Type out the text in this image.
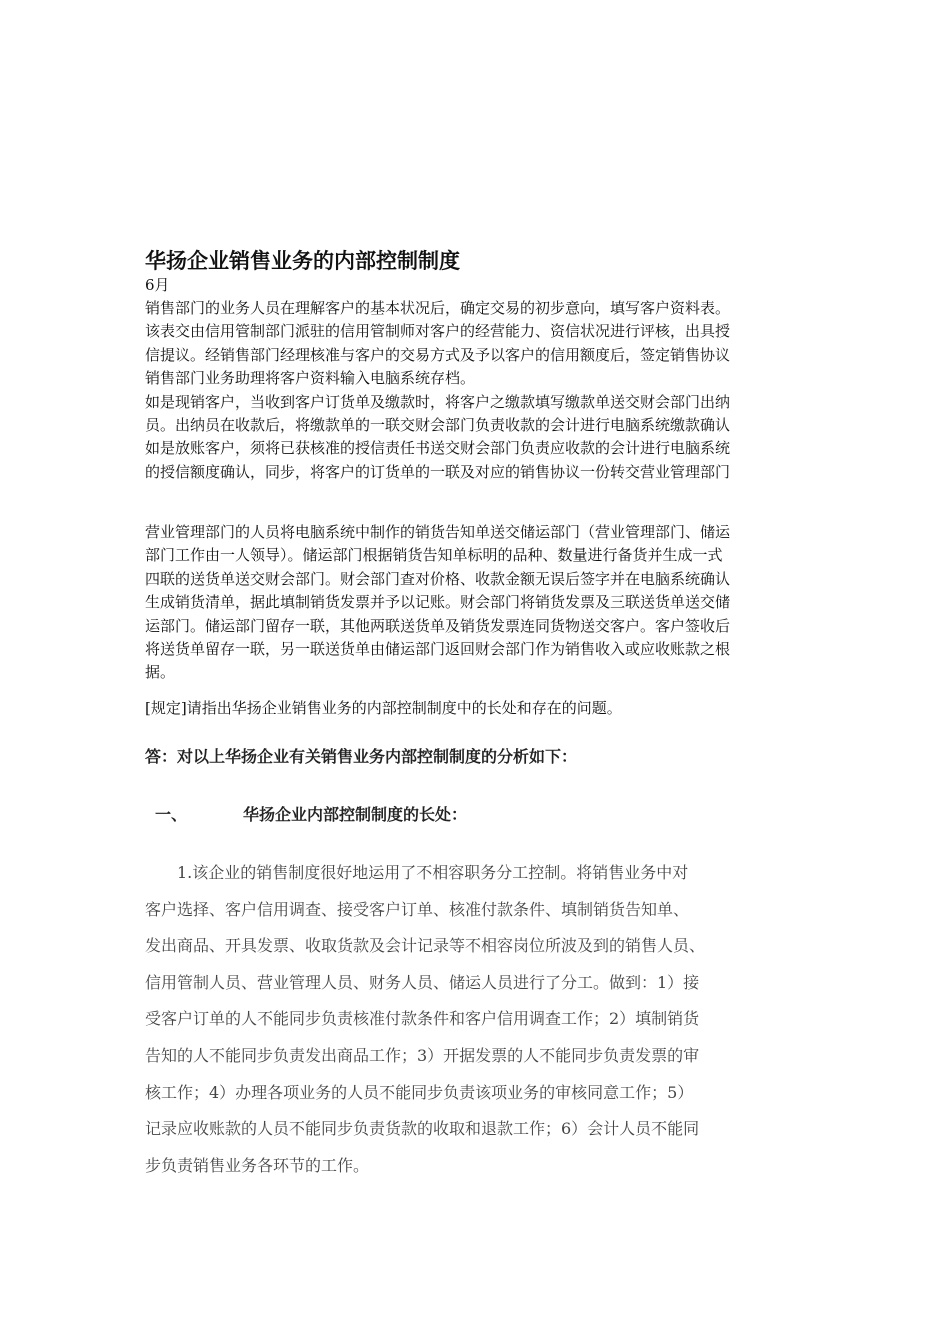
华扬企业销售业务的内部控制制度
6月
销售部门的业务人员在理解客户的基本状况后，确定交易的初步意向，填写客户资料表。
该表交由信用管制部门派驻的信用管制师对客户的经营能力、资信状况进行评核，出具授
信提议。经销售部门经理核准与客户的交易方式及予以客户的信用额度后，签定销售协议
销售部门业务助理将客户资料输入电脑系统存档。
如是现销客户，当收到客户订货单及缴款时，将客户之缴款填写缴款单送交财会部门出纳
员。出纳员在收款后，将缴款单的一联交财会部门负责收款的会计进行电脑系统缴款确认
如是放账客户，须将已获核准的授信责任书送交财会部门负责应收款的会计进行电脑系统
的授信额度确认，同步，将客户的订货单的一联及对应的销售协议一份转交营业管理部门
营业管理部门的人员将电脑系统中制作的销货告知单送交储运部门（营业管理部门、储运
部门工作由一人领导）。储运部门根据销货告知单标明的品种、数量进行备货并生成一式
四联的送货单送交财会部门。财会部门查对价格、收款金额无误后签字并在电脑系统确认
生成销货清单，据此填制销货发票并予以记账。财会部门将销货发票及三联送货单送交储
运部门。储运部门留存一联，其他两联送货单及销货发票连同货物送交客户。客户签收后
将送货单留存一联，另一联送货单由储运部门返回财会部门作为销售收入或应收账款之根
据。
[规定]请指出华扬企业销售业务的内部控制制度中的长处和存在的问题。
答：对以上华扬企业有关销售业务内部控制制度的分析如下：
一、	华扬企业内部控制制度的长处：
1.该企业的销售制度很好地运用了不相容职务分工控制。将销售业务中对
客户选择、客户信用调查、接受客户订单、核准付款条件、填制销货告知单、
发出商品、开具发票、收取货款及会计记录等不相容岗位所波及到的销售人员、
信用管制人员、营业管理人员、财务人员、储运人员进行了分工。做到：1）接
受客户订单的人不能同步负责核准付款条件和客户信用调查工作；2）填制销货
告知的人不能同步负责发出商品工作；3）开据发票的人不能同步负责发票的审
核工作；4）办理各项业务的人员不能同步负责该项业务的审核同意工作；5）
记录应收账款的人员不能同步负责货款的收取和退款工作；6）会计人员不能同
步负责销售业务各环节的工作。
